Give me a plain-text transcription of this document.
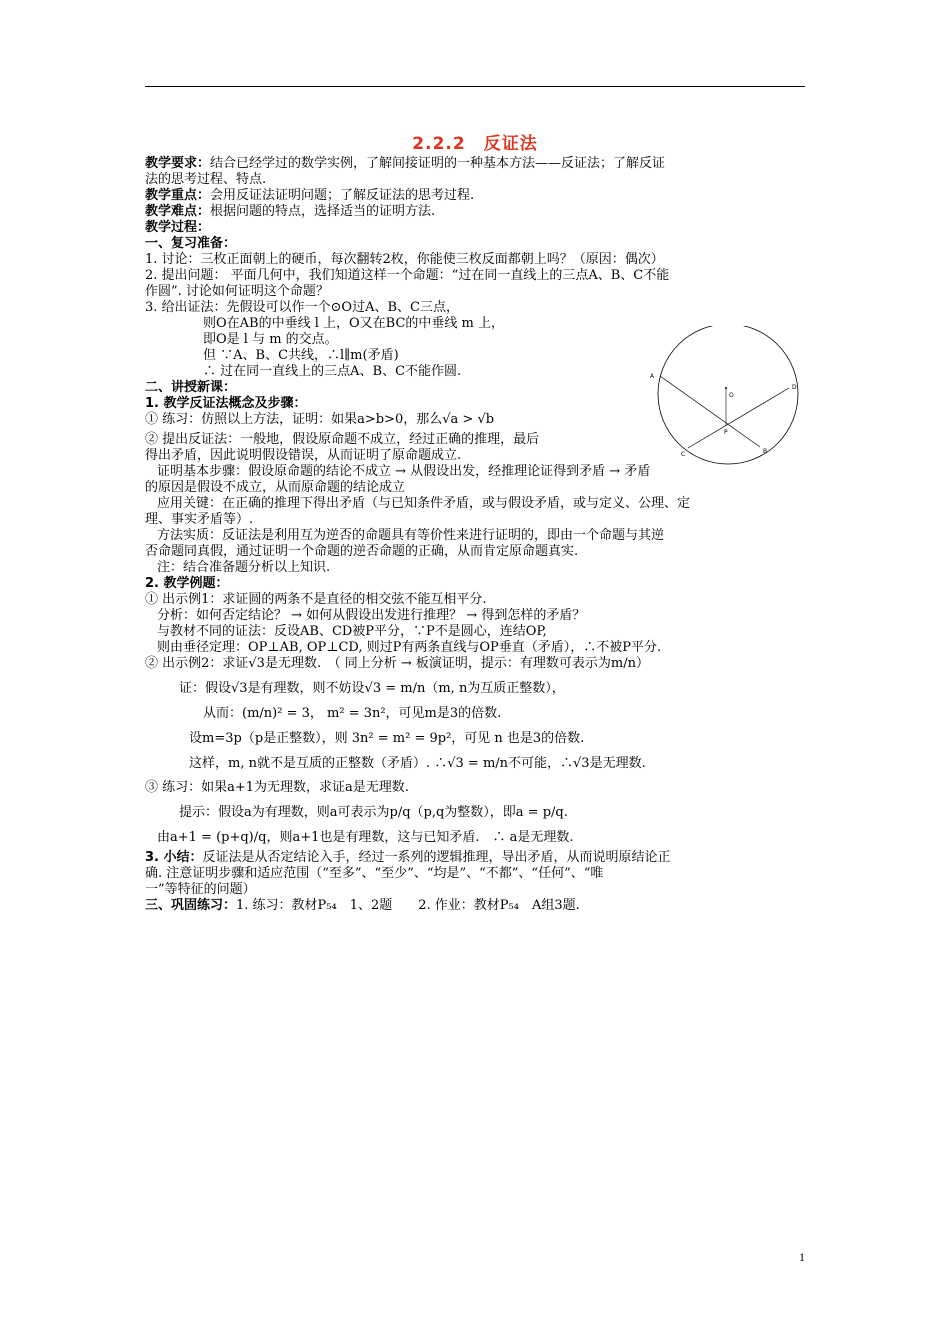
2.2.2　反证法

教学要求：结合已经学过的数学实例，了解间接证明的一种基本方法——反证法；了解反证

法的思考过程、特点.

教学重点：会用反证法证明问题；了解反证法的思考过程.

教学难点：根据问题的特点，选择适当的证明方法.

教学过程：

一、复习准备：

1. 讨论：三枚正面朝上的硬币，每次翻转2枚，你能使三枚反面都朝上吗？（原因：偶次）

2. 提出问题： 平面几何中，我们知道这样一个命题：“过在同一直线上的三点A、B、C不能

作圆”. 讨论如何证明这个命题？

3. 给出证法：先假设可以作一个⊙O过A、B、C三点，

则O在AB的中垂线 l 上，O又在BC的中垂线 m 上，

即O是 l 与 m 的交点。

但 ∵A、B、C共线，∴l∥m(矛盾)

∴ 过在同一直线上的三点A、B、C不能作圆.

二、讲授新课：

1. 教学反证法概念及步骤：

① 练习：仿照以上方法，证明：如果a>b>0，那么√a > √b

② 提出反证法：一般地，假设原命题不成立，经过正确的推理，最后

得出矛盾，因此说明假设错误，从而证明了原命题成立.

证明基本步骤：假设原命题的结论不成立 → 从假设出发，经推理论证得到矛盾 → 矛盾

的原因是假设不成立，从而原命题的结论成立

应用关键：在正确的推理下得出矛盾（与已知条件矛盾，或与假设矛盾，或与定义、公理、定

理、事实矛盾等）.

方法实质：反证法是利用互为逆否的命题具有等价性来进行证明的，即由一个命题与其逆

否命题同真假，通过证明一个命题的逆否命题的正确，从而肯定原命题真实.

注：结合准备题分析以上知识.

2. 教学例题：

① 出示例1：求证圆的两条不是直径的相交弦不能互相平分.

分析：如何否定结论？ → 如何从假设出发进行推理？ → 得到怎样的矛盾？

与教材不同的证法：反设AB、CD被P平分，∵P不是圆心，连结OP,

则由垂径定理：OP⊥AB, OP⊥CD, 则过P有两条直线与OP垂直（矛盾），∴不被P平分.

② 出示例2：求证√3是无理数.　（ 同上分析 → 板演证明，提示：有理数可表示为m/n）

证：假设√3是有理数，则不妨设√3 = m/n（m, n为互质正整数），

从而：(m/n)² = 3， m² = 3n²，可见m是3的倍数.

设m=3p（p是正整数），则 3n² = m² = 9p²，可见 n 也是3的倍数.

这样，m, n就不是互质的正整数（矛盾）. ∴√3 = m/n不可能，∴√3是无理数.

③ 练习：如果a+1为无理数，求证a是无理数.

提示：假设a为有理数，则a可表示为p/q（p,q为整数），即a = p/q.

由a+1 = (p+q)/q，则a+1也是有理数，这与已知矛盾.　∴ a是无理数.

3. 小结：反证法是从否定结论入手，经过一系列的逻辑推理，导出矛盾，从而说明原结论正

确. 注意证明步骤和适应范围（“至多”、“至少”、“均是”、“不都”、“任何”、“唯

一”等特征的问题）

三、巩固练习：1. 练习：教材P₅₄　1、2题　　2. 作业：教材P₅₄　A组3题.

A
D
O
P
C	B
1
